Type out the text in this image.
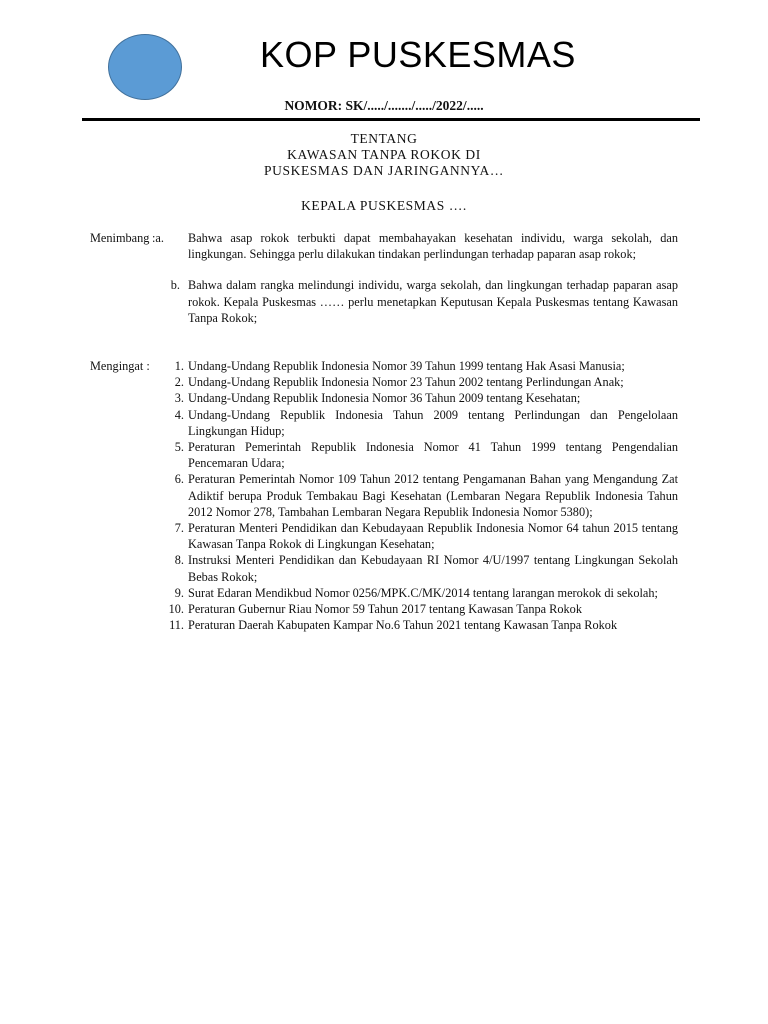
KOP PUSKESMAS
NOMOR: SK/...../......./...../2022/.....
TENTANG
KAWASAN TANPA ROKOK DI
PUSKESMAS DAN JARINGANNYA…
KEPALA PUSKESMAS ….
Menimbang :a.	Bahwa asap rokok terbukti dapat membahayakan kesehatan individu, warga sekolah, dan lingkungan. Sehingga perlu dilakukan tindakan perlindungan terhadap paparan asap rokok;
b. Bahwa dalam rangka melindungi individu, warga sekolah, dan lingkungan terhadap paparan asap rokok. Kepala Puskesmas …… perlu menetapkan Keputusan Kepala Puskesmas tentang Kawasan Tanpa Rokok;
Mengingat :	1. Undang-Undang Republik Indonesia Nomor 39 Tahun 1999 tentang Hak Asasi Manusia;
2. Undang-Undang Republik Indonesia Nomor 23 Tahun 2002 tentang Perlindungan Anak;
3. Undang-Undang Republik Indonesia Nomor 36 Tahun 2009 tentang Kesehatan;
4. Undang-Undang Republik Indonesia Tahun 2009 tentang Perlindungan dan Pengelolaan Lingkungan Hidup;
5. Peraturan Pemerintah Republik Indonesia Nomor 41 Tahun 1999 tentang Pengendalian Pencemaran Udara;
6. Peraturan Pemerintah Nomor 109 Tahun 2012 tentang Pengamanan Bahan yang Mengandung Zat Adiktif berupa Produk Tembakau Bagi Kesehatan (Lembaran Negara Republik Indonesia Tahun 2012 Nomor 278, Tambahan Lembaran Negara Republik Indonesia Nomor 5380);
7. Peraturan Menteri Pendidikan dan Kebudayaan Republik Indonesia Nomor 64 tahun 2015 tentang Kawasan Tanpa Rokok di Lingkungan Kesehatan;
8. Instruksi Menteri Pendidikan dan Kebudayaan RI Nomor 4/U/1997 tentang Lingkungan Sekolah Bebas Rokok;
9. Surat Edaran Mendikbud Nomor 0256/MPK.C/MK/2014 tentang larangan merokok di sekolah;
10. Peraturan Gubernur Riau Nomor 59 Tahun 2017 tentang Kawasan Tanpa Rokok
11. Peraturan Daerah Kabupaten Kampar No.6 Tahun 2021 tentang Kawasan Tanpa Rokok
